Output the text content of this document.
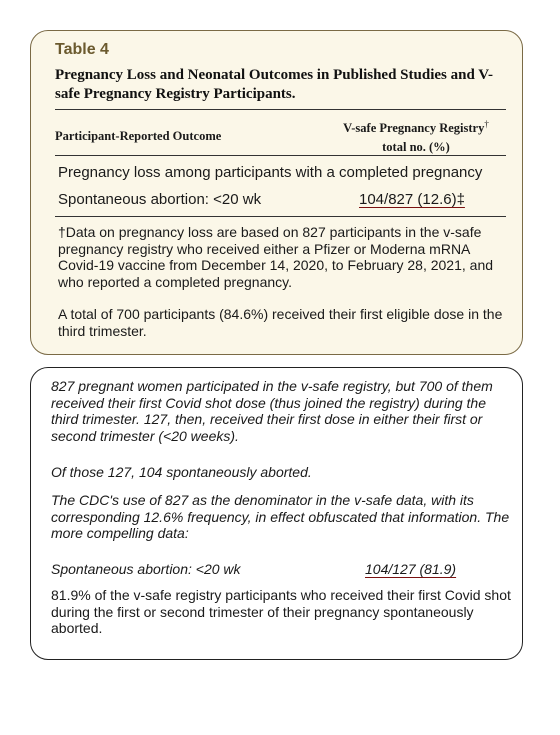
Table 4
Pregnancy Loss and Neonatal Outcomes in Published Studies and V-safe Pregnancy Registry Participants.
Participant-Reported Outcome
V-safe Pregnancy Registry†
total no. (%)
Pregnancy loss among participants with a completed pregnancy
Spontaneous abortion: <20 wk	104/827 (12.6)‡
†Data on pregnancy loss are based on 827 participants in the v-safe pregnancy registry who received either a Pfizer or Moderna mRNA Covid-19 vaccine from December 14, 2020, to February 28, 2021, and who reported a completed pregnancy.
A total of 700 participants (84.6%) received their first eligible dose in the third trimester.
827 pregnant women participated in the v-safe registry, but 700 of them received their first Covid shot dose (thus joined the registry) during the third trimester. 127, then, received their first dose in either their first or second trimester (<20 weeks).
Of those 127, 104 spontaneously aborted.
The CDC's use of 827 as the denominator in the v-safe data, with its corresponding 12.6% frequency, in effect obfuscated that information. The more compelling data:
Spontaneous abortion: <20 wk	104/127 (81.9)
81.9% of the v-safe registry participants who received their first Covid shot during the first or second trimester of their pregnancy spontaneously aborted.
